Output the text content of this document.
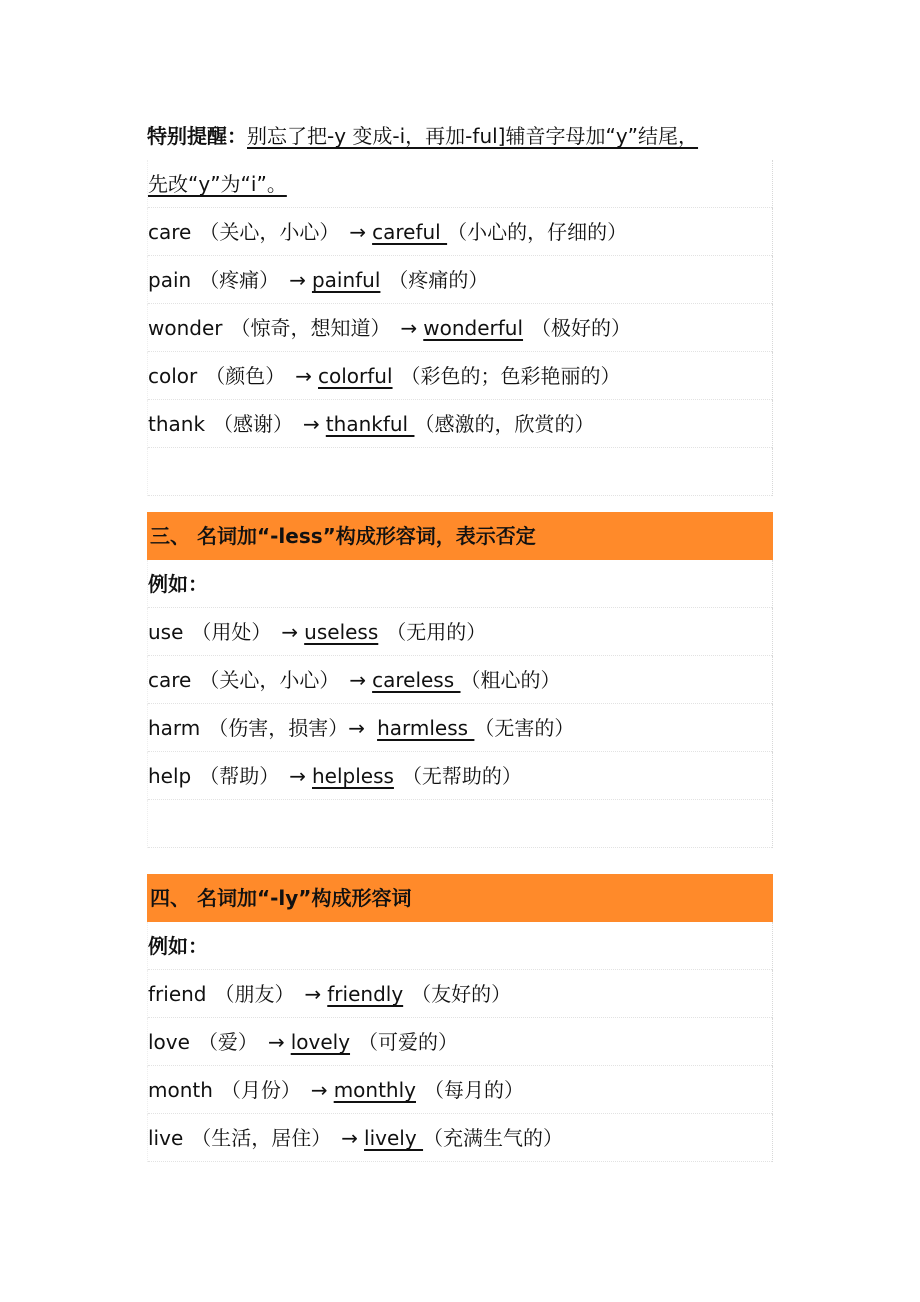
特别提醒：别忘了把-y 变成-i，再加-ful]辅音字母加“y”结尾，
先改“y”为“i”。
care （关心，小心） → careful （小心的，仔细的）
pain （疼痛） → painful （疼痛的）
wonder （惊奇，想知道） → wonderful （极好的）
color （颜色） → colorful （彩色的；色彩艳丽的）
thank （感谢） → thankful （感激的，欣赏的）
三、 名词加“-less”构成形容词，表示否定
例如：
use （用处） → useless （无用的）
care （关心，小心） → careless （粗心的）
harm （伤害，损害）→ harmless （无害的）
help （帮助） → helpless （无帮助的）
四、 名词加“-ly”构成形容词
例如：
friend （朋友） → friendly （友好的）
love （爱） → lovely （可爱的）
month （月份） → monthly （每月的）
live （生活，居住） → lively （充满生气的）
